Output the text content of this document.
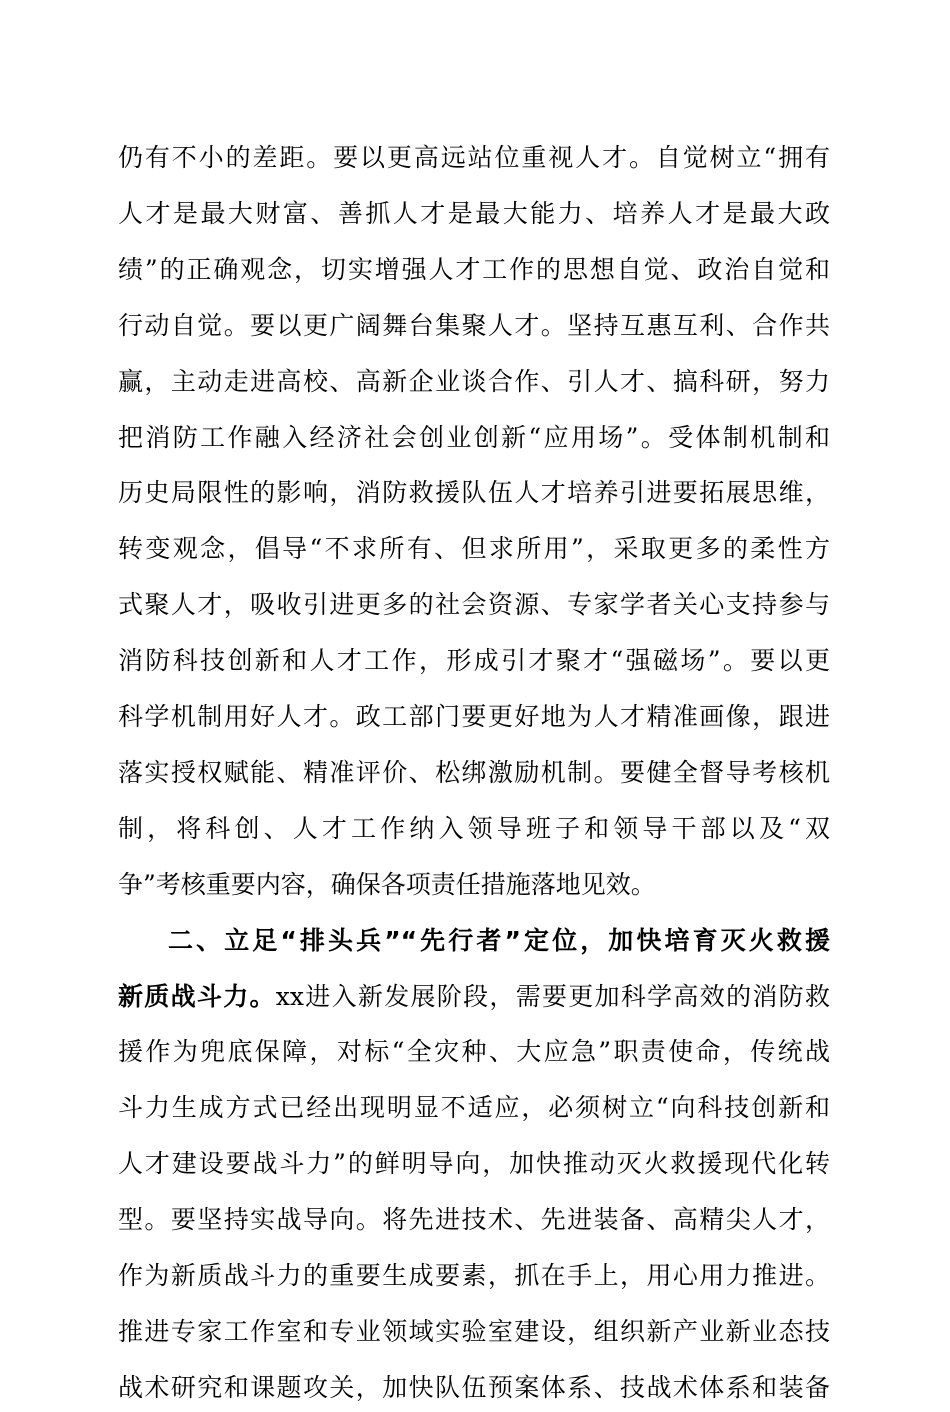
仍有不小的差距。要以更高远站位重视人才。自觉树立“拥有
人才是最大财富、善抓人才是最大能力、培养人才是最大政
绩”的正确观念，切实增强人才工作的思想自觉、政治自觉和
行动自觉。要以更广阔舞台集聚人才。坚持互惠互利、合作共
赢，主动走进高校、高新企业谈合作、引人才、搞科研，努力
把消防工作融入经济社会创业创新“应用场”。受体制机制和
历史局限性的影响，消防救援队伍人才培养引进要拓展思维，
转变观念，倡导“不求所有、但求所用”，采取更多的柔性方
式聚人才，吸收引进更多的社会资源、专家学者关心支持参与
消防科技创新和人才工作，形成引才聚才“强磁场”。要以更
科学机制用好人才。政工部门要更好地为人才精准画像，跟进
落实授权赋能、精准评价、松绑激励机制。要健全督导考核机
制，将科创、人才工作纳入领导班子和领导干部以及“双
争”考核重要内容，确保各项责任措施落地见效。
二、立足“排头兵”“先行者”定位，加快培育灭火救援
新质战斗力。xx进入新发展阶段，需要更加科学高效的消防救
援作为兜底保障，对标“全灾种、大应急”职责使命，传统战
斗力生成方式已经出现明显不适应，必须树立“向科技创新和
人才建设要战斗力”的鲜明导向，加快推动灭火救援现代化转
型。要坚持实战导向。将先进技术、先进装备、高精尖人才，
作为新质战斗力的重要生成要素，抓在手上，用心用力推进。
推进专家工作室和专业领域实验室建设，组织新产业新业态技
战术研究和课题攻关，加快队伍预案体系、技战术体系和装备
